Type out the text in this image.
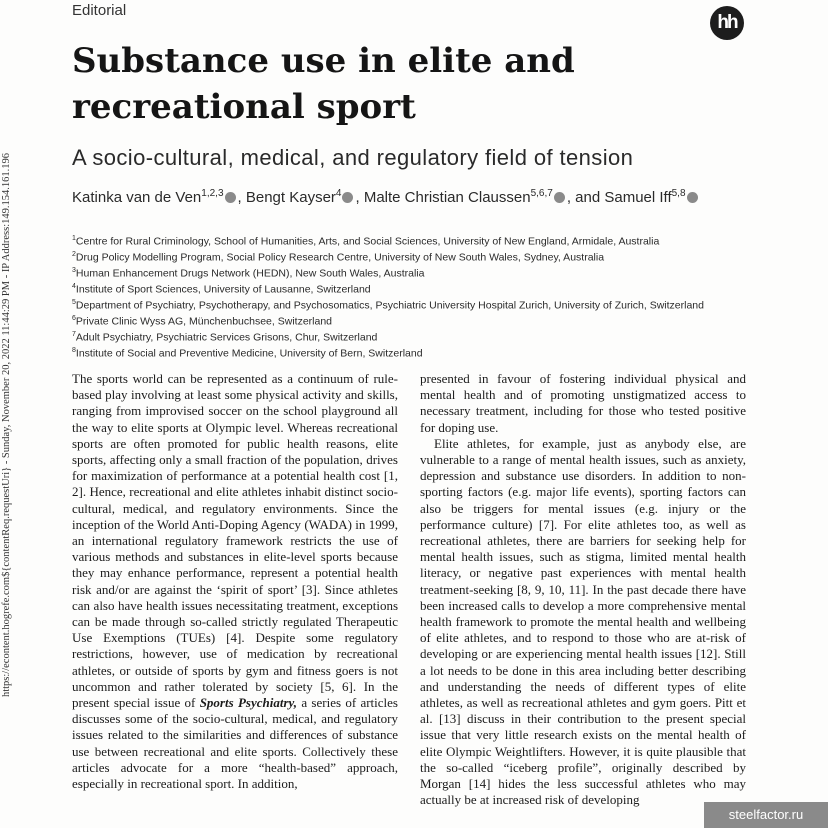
Editorial
hh
https://econtent.hogrefe.com${contentReq.requestUri} - Sunday, November 20, 2022 11:44:29 PM - IP Address:149.154.161.196
Substance use in elite and recreational sport
A socio-cultural, medical, and regulatory field of tension
Katinka van de Ven$^{1,2,3}$ , Bengt Kayser$^4$ , Malte Christian Claussen$^{5,6,7}$ , and Samuel Iff$^{5,8}$
$^1$Centre for Rural Criminology, School of Humanities, Arts, and Social Sciences, University of New England, Armidale, Australia
$^2$Drug Policy Modelling Program, Social Policy Research Centre, University of New South Wales, Sydney, Australia
$^3$Human Enhancement Drugs Network (HEDN), New South Wales, Australia
$^4$Institute of Sport Sciences, University of Lausanne, Switzerland
$^5$Department of Psychiatry, Psychotherapy, and Psychosomatics, Psychiatric University Hospital Zurich, University of Zurich, Switzerland
$^6$Private Clinic Wyss AG, Münchenbuchsee, Switzerland
$^7$Adult Psychiatry, Psychiatric Services Grisons, Chur, Switzerland
$^8$Institute of Social and Preventive Medicine, University of Bern, Switzerland

The sports world can be represented as a continuum of rule-based play involving at least some physical activity and skills, ranging from improvised soccer on the school playground all the way to elite sports at Olympic level. Whereas recreational sports are often promoted for public health reasons, elite sports, affecting only a small fraction of the population, drives for maximization of performance at a potential health cost [1, 2]. Hence, recreational and elite athletes inhabit distinct socio-cultural, medical, and regulatory environments. Since the inception of the World Anti-Doping Agency (WADA) in 1999, an international regulatory framework restricts the use of various methods and substances in elite-level sports because they may enhance performance, represent a potential health risk and/or are against the ‘spirit of sport’ [3]. Since athletes can also have health issues necessitating treatment, exceptions can be made through so-called strictly regulated Therapeutic Use Exemptions (TUEs) [4]. Despite some regulatory restrictions, however, use of medication by recreational athletes, or outside of sports by gym and fitness goers is not uncommon and rather tolerated by society [5, 6]. In the present special issue of Sports Psychiatry, a series of articles discusses some of the socio-cultural, medical, and regulatory issues related to the similarities and differences of substance use between recreational and elite sports. Collectively these articles advocate for a more “health-based” approach, especially in recreational sport. In addition,

presented in favour of fostering individual physical and mental health and of promoting unstigmatized access to necessary treatment, including for those who tested positive for doping use.

Elite athletes, for example, just as anybody else, are vulnerable to a range of mental health issues, such as anxiety, depression and substance use disorders. In addition to non-sporting factors (e.g. major life events), sporting factors can also be triggers for mental issues (e.g. injury or the performance culture) [7]. For elite athletes too, as well as recreational athletes, there are barriers for seeking help for mental health issues, such as stigma, limited mental health literacy, or negative past experiences with mental health treatment-seeking [8, 9, 10, 11]. In the past decade there have been increased calls to develop a more comprehensive mental health framework to promote the mental health and wellbeing of elite athletes, and to respond to those who are at-risk of developing or are experiencing mental health issues [12]. Still a lot needs to be done in this area including better describing and understanding the needs of different types of elite athletes, as well as recreational athletes and gym goers. Pitt et al. [13] discuss in their contribution to the present special issue that very little research exists on the mental health of elite Olympic Weightlifters. However, it is quite plausible that the so-called “iceberg profile”, originally described by Morgan [14] hides the less successful athletes who may actually be at increased risk of developing

steelfactor.ru
